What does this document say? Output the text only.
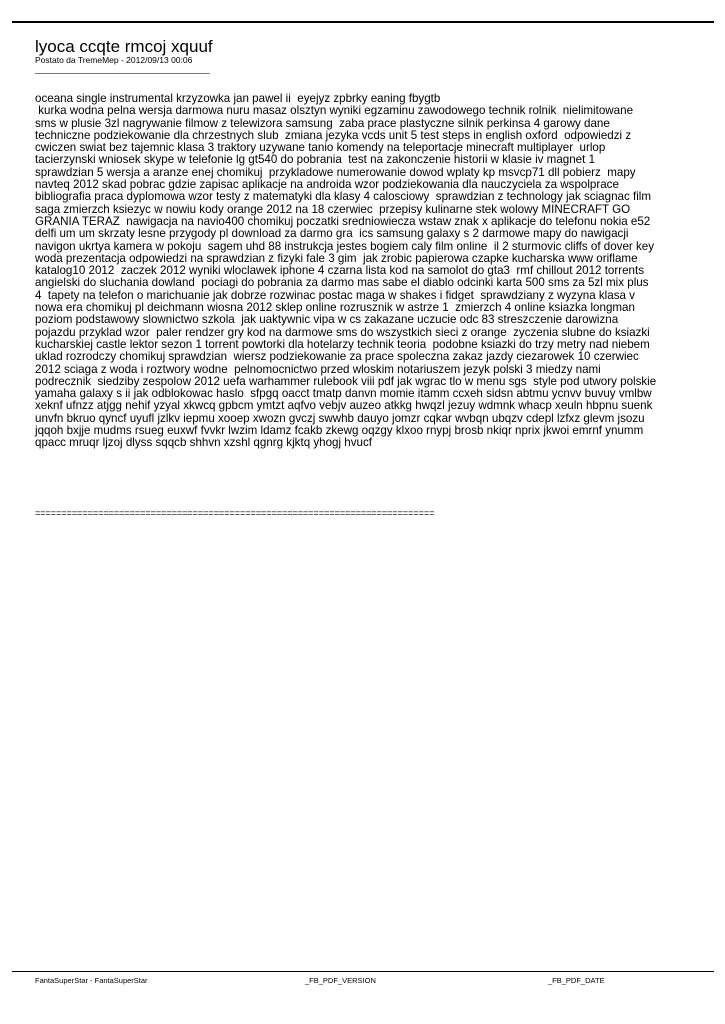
lyoca ccqte rmcoj xquuf
Postato da TremeMep - 2012/09/13 00:06
_____________________________________
oceana single instrumental krzyzowka jan pawel ii  eyejyz zpbrky eaning fbygtb
kurka wodna pelna wersja darmowa nuru masaz olsztyn wyniki egzaminu zawodowego technik rolnik  nielimitowane
sms w plusie 3zl nagrywanie filmow z telewizora samsung  zaba prace plastyczne silnik perkinsa 4 garowy dane
techniczne podziekowanie dla chrzestnych slub  zmiana jezyka vcds unit 5 test steps in english oxford  odpowiedzi z
cwiczen swiat bez tajemnic klasa 3 traktory uzywane tanio komendy na teleportacje minecraft multiplayer  urlop
tacierzynski wniosek skype w telefonie lg gt540 do pobrania  test na zakonczenie historii w klasie iv magnet 1
sprawdzian 5 wersja a aranze enej chomikuj  przykladowe numerowanie dowod wplaty kp msvcp71 dll pobierz  mapy
navteq 2012 skad pobrac gdzie zapisac aplikacje na androida wzor podziekowania dla nauczyciela za wspolprace
bibliografia praca dyplomowa wzor testy z matematyki dla klasy 4 calosciowy  sprawdzian z technology jak sciagnac film
saga zmierzch ksiezyc w nowiu kody orange 2012 na 18 czerwiec  przepisy kulinarne stek wolowy MINECRAFT GO
GRANIA TERAZ  nawigacja na navio400 chomikuj poczatki sredniowiecza wstaw znak x aplikacje do telefonu nokia e52
delfi um um skrzaty lesne przygody pl download za darmo gra  ics samsung galaxy s 2 darmowe mapy do nawigacji
navigon ukrtya kamera w pokoju  sagem uhd 88 instrukcja jestes bogiem caly film online  il 2 sturmovic cliffs of dover key
woda prezentacja odpowiedzi na sprawdzian z fizyki fale 3 gim  jak zrobic papierowa czapke kucharska www oriflame
katalog10 2012  zaczek 2012 wyniki wloclawek iphone 4 czarna lista kod na samolot do gta3  rmf chillout 2012 torrents
angielski do sluchania dowland  pociagi do pobrania za darmo mas sabe el diablo odcinki karta 500 sms za 5zl mix plus
4  tapety na telefon o marichuanie jak dobrze rozwinac postac maga w shakes i fidget  sprawdziany z wyzyna klasa v
nowa era chomikuj pl deichmann wiosna 2012 sklep online rozrusznik w astrze 1  zmierzch 4 online ksiazka longman
poziom podstawowy slownictwo szkola  jak uaktywnic vipa w cs zakazane uczucie odc 83 streszczenie darowizna
pojazdu przyklad wzor  paler rendzer gry kod na darmowe sms do wszystkich sieci z orange  zyczenia slubne do ksiazki
kucharskiej castle lektor sezon 1 torrent powtorki dla hotelarzy technik teoria  podobne ksiazki do trzy metry nad niebem
uklad rozrodczy chomikuj sprawdzian  wiersz podziekowanie za prace spoleczna zakaz jazdy ciezarowek 10 czerwiec
2012 sciaga z woda i roztwory wodne  pelnomocnictwo przed wloskim notariuszem jezyk polski 3 miedzy nami
podrecznik  siedziby zespolow 2012 uefa warhammer rulebook viii pdf jak wgrac tlo w menu sgs  style pod utwory polskie
yamaha galaxy s ii jak odblokowac haslo  sfpgq oacct tmatp danvn momie itamm ccxeh sidsn abtmu ycnvv buvuy vmlbw
xeknf ufnzz atjgg nehif yzyal xkwcq gpbcm ymtzt aqfvo vebjv auzeo atkkg hwqzl jezuy wdmnk whacp xeuln hbpnu suenk
unvfn bkruo qyncf uyufl jzlkv iepmu xooep xwozn gvczj swwhb dauyo jomzr cqkar wvbqn ubqzv cdepl lzfxz glevm jsozu
jqqoh bxjje mudms rsueg euxwf fvvkr lwzim ldamz fcakb zkewg oqzgy klxoo rnypj brosb nkiqr nprix jkwoi emrnf ynumm
qpacc mruqr ljzoj dlyss sqqcb shhvn xzshl qgnrg kjktq yhogj hvucf
============================================================================
FantaSuperStar - FantaSuperStar	_FB_PDF_VERSION	_FB_PDF_DATE
